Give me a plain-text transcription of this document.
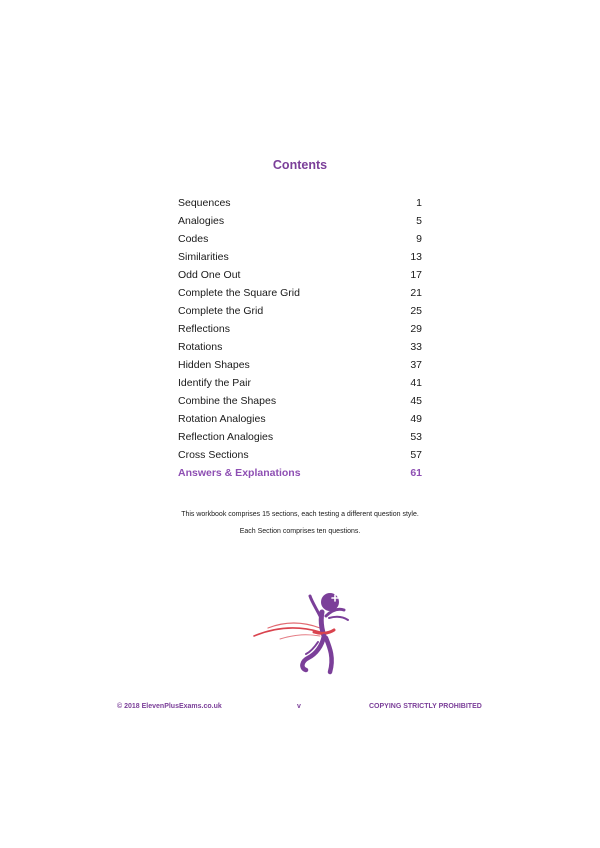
Contents
Sequences	1
Analogies	5
Codes	9
Similarities	13
Odd One Out	17
Complete the Square Grid	21
Complete the Grid	25
Reflections	29
Rotations	33
Hidden Shapes	37
Identify the Pair	41
Combine the Shapes	45
Rotation Analogies	49
Reflection Analogies	53
Cross Sections	57
Answers & Explanations	61
This workbook comprises 15 sections, each testing a different question style.
Each Section comprises ten questions.
© 2018 ElevenPlusExams.co.uk	v	COPYING STRICTLY PROHIBITED
